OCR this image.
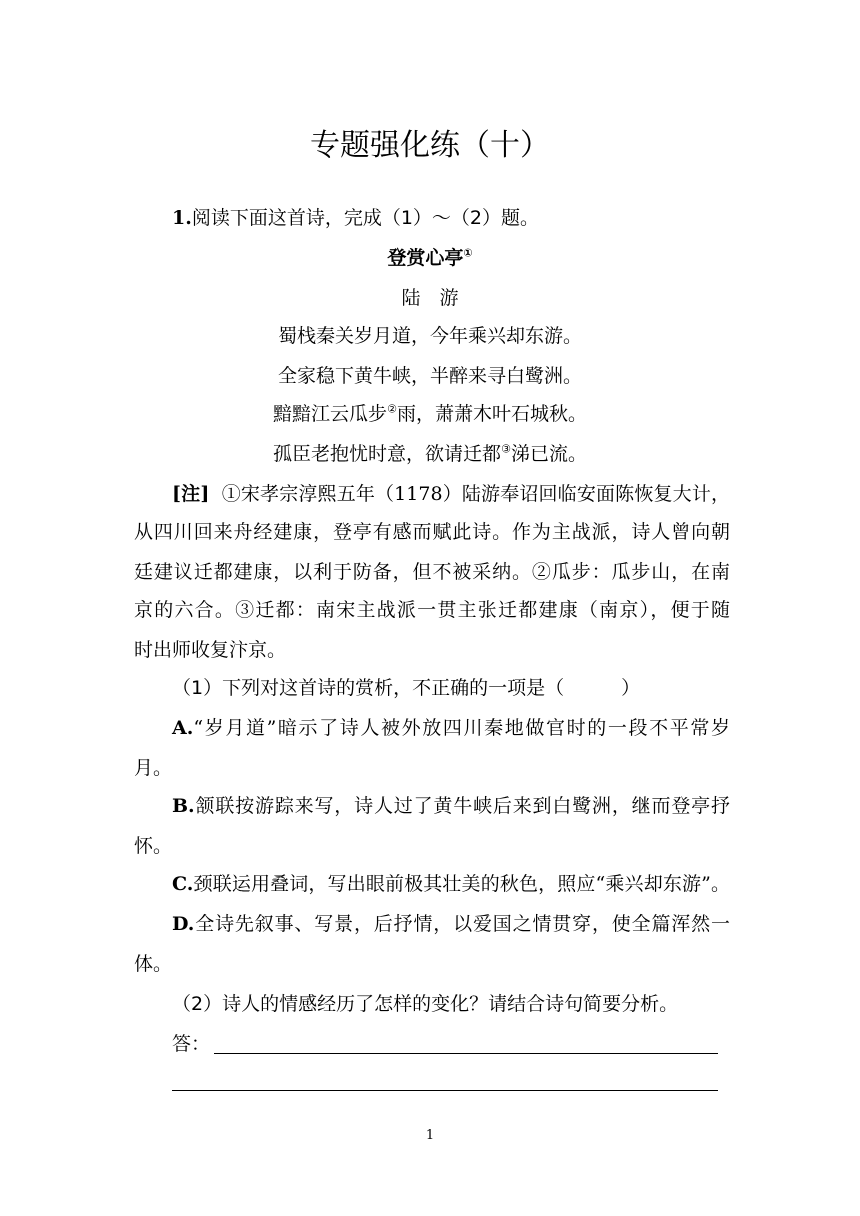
专题强化练（十）
1.阅读下面这首诗，完成（1）～（2）题。
登赏心亭①
陆　游
蜀栈秦关岁月道，今年乘兴却东游。
全家稳下黄牛峡，半醉来寻白鹭洲。
黯黯江云瓜步②雨，萧萧木叶石城秋。
孤臣老抱忧时意，欲请迁都③涕已流。
[注] ①宋孝宗淳熙五年（1178）陆游奉诏回临安面陈恢复大计，
从四川回来舟经建康，登亭有感而赋此诗。作为主战派，诗人曾向朝
廷建议迁都建康，以利于防备，但不被采纳。②瓜步：瓜步山，在南
京的六合。③迁都：南宋主战派一贯主张迁都建康（南京），便于随
时出师收复汴京。
（1）下列对这首诗的赏析，不正确的一项是（　　　）
A.“岁月道”暗示了诗人被外放四川秦地做官时的一段不平常岁
月。
B.颔联按游踪来写，诗人过了黄牛峡后来到白鹭洲，继而登亭抒
怀。
C.颈联运用叠词，写出眼前极其壮美的秋色，照应“乘兴却东游”。
D.全诗先叙事、写景，后抒情，以爱国之情贯穿，使全篇浑然一
体。
（2）诗人的情感经历了怎样的变化？请结合诗句简要分析。
答：
1
